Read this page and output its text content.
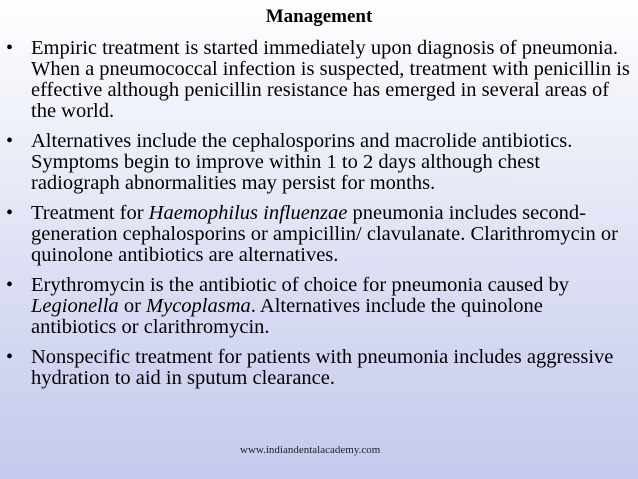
Management
• Empiric treatment is started immediately upon diagnosis of pneumonia. When a pneumococcal infection is suspected, treatment with penicillin is effective although penicillin resistance has emerged in several areas of the world.
• Alternatives include the cephalosporins and macrolide antibiotics. Symptoms begin to improve within 1 to 2 days although chest radiograph abnormalities may persist for months.
• Treatment for Haemophilus influenzae pneumonia includes second-generation cephalosporins or ampicillin/ clavulanate. Clarithromycin or quinolone antibiotics are alternatives.
• Erythromycin is the antibiotic of choice for pneumonia caused by Legionella or Mycoplasma. Alternatives include the quinolone antibiotics or clarithromycin.
• Nonspecific treatment for patients with pneumonia includes aggressive hydration to aid in sputum clearance.
www.indiandentalacademy.com
